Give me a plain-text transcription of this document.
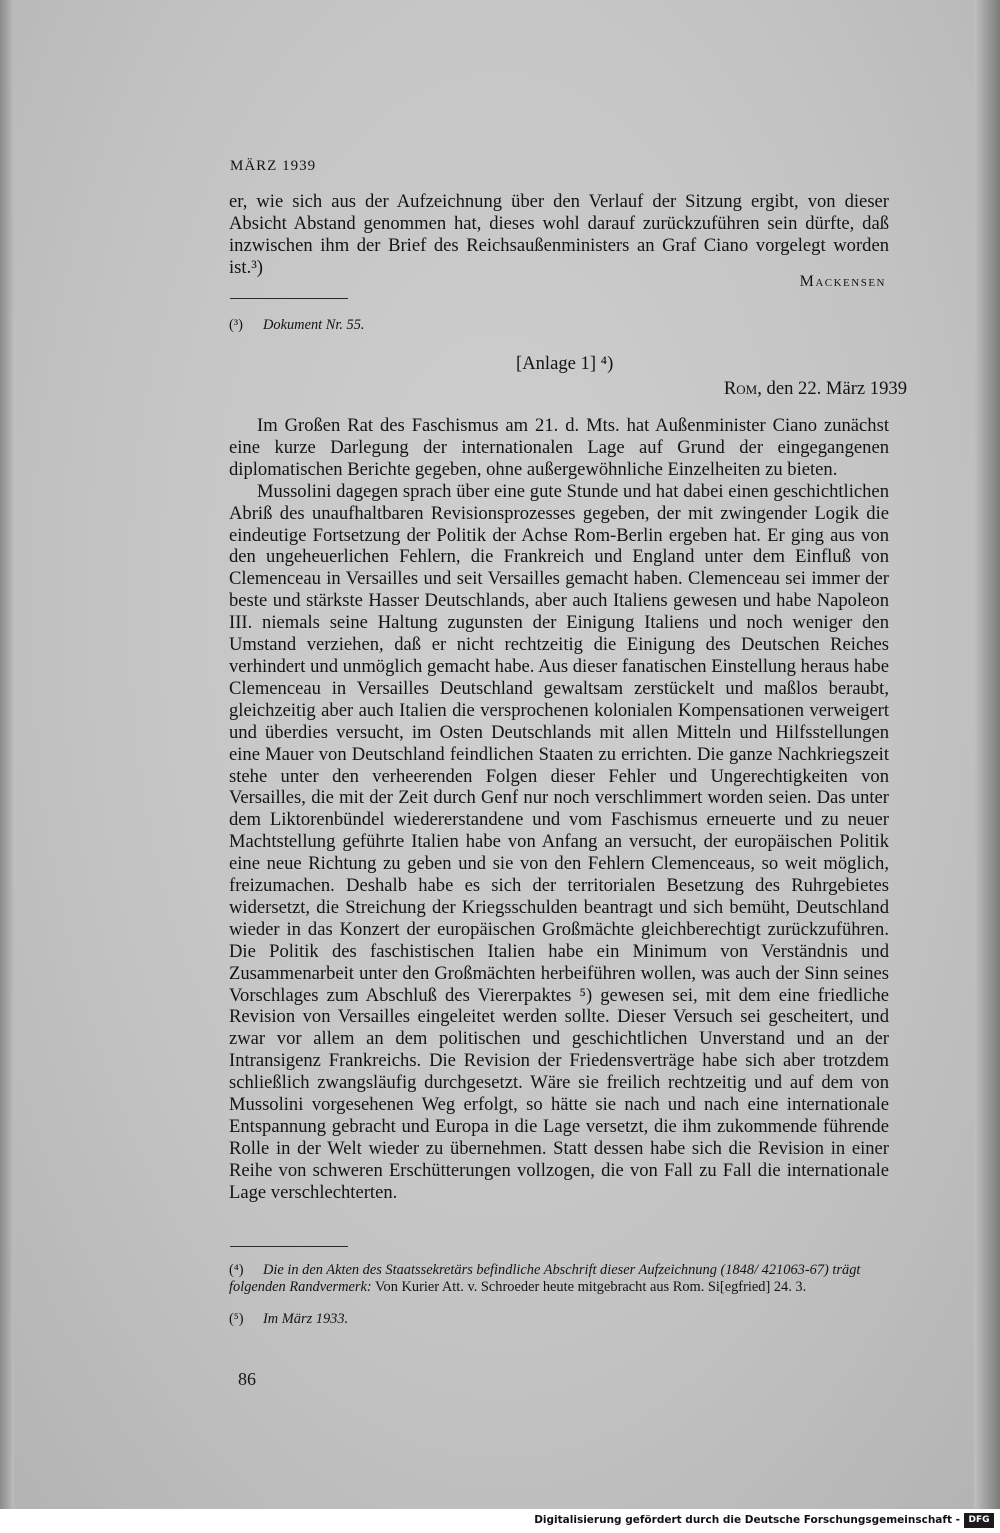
MÄRZ 1939
er, wie sich aus der Aufzeichnung über den Verlauf der Sitzung ergibt, von dieser Absicht Abstand genommen hat, dieses wohl darauf zurückzuführen sein dürfte, daß inzwischen ihm der Brief des Reichsaußenministers an Graf Ciano vorgelegt worden ist.³)
Mackensen
(³) Dokument Nr. 55.
[Anlage 1] ⁴)
Rom, den 22. März 1939

Im Großen Rat des Faschismus am 21. d. Mts. hat Außenminister Ciano zunächst eine kurze Darlegung der internationalen Lage auf Grund der eingegangenen diplomatischen Berichte gegeben, ohne außergewöhnliche Einzelheiten zu bieten.

Mussolini dagegen sprach über eine gute Stunde und hat dabei einen geschichtlichen Abriß des unaufhaltbaren Revisionsprozesses gegeben, der mit zwingender Logik die eindeutige Fortsetzung der Politik der Achse Rom-Berlin ergeben hat. Er ging aus von den ungeheuerlichen Fehlern, die Frankreich und England unter dem Einfluß von Clemenceau in Versailles und seit Versailles gemacht haben. Clemenceau sei immer der beste und stärkste Hasser Deutschlands, aber auch Italiens gewesen und habe Napoleon III. niemals seine Haltung zugunsten der Einigung Italiens und noch weniger den Umstand verziehen, daß er nicht rechtzeitig die Einigung des Deutschen Reiches verhindert und unmöglich gemacht habe. Aus dieser fanatischen Einstellung heraus habe Clemenceau in Versailles Deutschland gewaltsam zerstückelt und maßlos beraubt, gleichzeitig aber auch Italien die versprochenen kolonialen Kompensationen verweigert und überdies versucht, im Osten Deutschlands mit allen Mitteln und Hilfsstellungen eine Mauer von Deutschland feindlichen Staaten zu errichten. Die ganze Nachkriegszeit stehe unter den verheerenden Folgen dieser Fehler und Ungerechtigkeiten von Versailles, die mit der Zeit durch Genf nur noch verschlimmert worden seien. Das unter dem Liktorenbündel wiedererstandene und vom Faschismus erneuerte und zu neuer Machtstellung geführte Italien habe von Anfang an versucht, der europäischen Politik eine neue Richtung zu geben und sie von den Fehlern Clemenceaus, so weit möglich, freizumachen. Deshalb habe es sich der territorialen Besetzung des Ruhrgebietes widersetzt, die Streichung der Kriegsschulden beantragt und sich bemüht, Deutschland wieder in das Konzert der europäischen Großmächte gleichberechtigt zurückzuführen. Die Politik des faschistischen Italien habe ein Minimum von Verständnis und Zusammenarbeit unter den Großmächten herbeiführen wollen, was auch der Sinn seines Vorschlages zum Abschluß des Viererpaktes ⁵) gewesen sei, mit dem eine friedliche Revision von Versailles eingeleitet werden sollte. Dieser Versuch sei gescheitert, und zwar vor allem an dem politischen und geschichtlichen Unverstand und an der Intransigenz Frankreichs. Die Revision der Friedensverträge habe sich aber trotzdem schließlich zwangsläufig durchgesetzt. Wäre sie freilich rechtzeitig und auf dem von Mussolini vorgesehenen Weg erfolgt, so hätte sie nach und nach eine internationale Entspannung gebracht und Europa in die Lage versetzt, die ihm zukommende führende Rolle in der Welt wieder zu übernehmen. Statt dessen habe sich die Revision in einer Reihe von schweren Erschütterungen vollzogen, die von Fall zu Fall die internationale Lage verschlechterten.

(⁴) Die in den Akten des Staatssekretärs befindliche Abschrift dieser Aufzeichnung (1848/ 421063-67) trägt folgenden Randvermerk: Von Kurier Att. v. Schroeder heute mitgebracht aus Rom. Si[egfried] 24. 3.
(⁵) Im März 1933.
86
Digitalisierung gefördert durch die Deutsche Forschungsgemeinschaft - DFG
